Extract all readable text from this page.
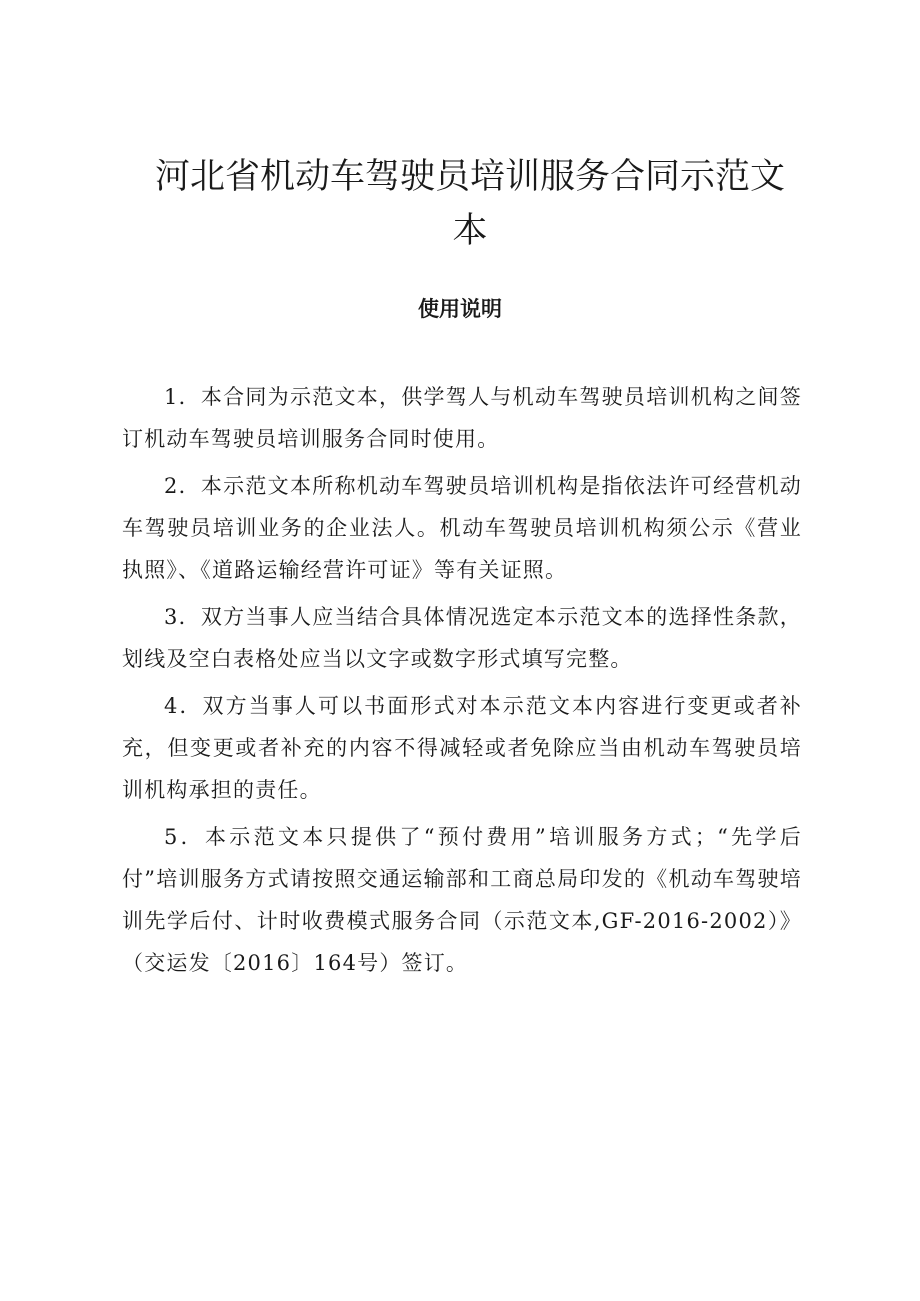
河北省机动车驾驶员培训服务合同示范文本
使用说明

1．本合同为示范文本，供学驾人与机动车驾驶员培训机构之间签订机动车驾驶员培训服务合同时使用。

2．本示范文本所称机动车驾驶员培训机构是指依法许可经营机动车驾驶员培训业务的企业法人。机动车驾驶员培训机构须公示《营业执照》、《道路运输经营许可证》等有关证照。

3．双方当事人应当结合具体情况选定本示范文本的选择性条款，划线及空白表格处应当以文字或数字形式填写完整。

4．双方当事人可以书面形式对本示范文本内容进行变更或者补充，但变更或者补充的内容不得减轻或者免除应当由机动车驾驶员培训机构承担的责任。

5．本示范文本只提供了“预付费用”培训服务方式；“先学后付”培训服务方式请按照交通运输部和工商总局印发的《机动车驾驶培训先学后付、计时收费模式服务合同（示范文本,GF-2016-2002）》（交运发〔2016〕164号）签订。
